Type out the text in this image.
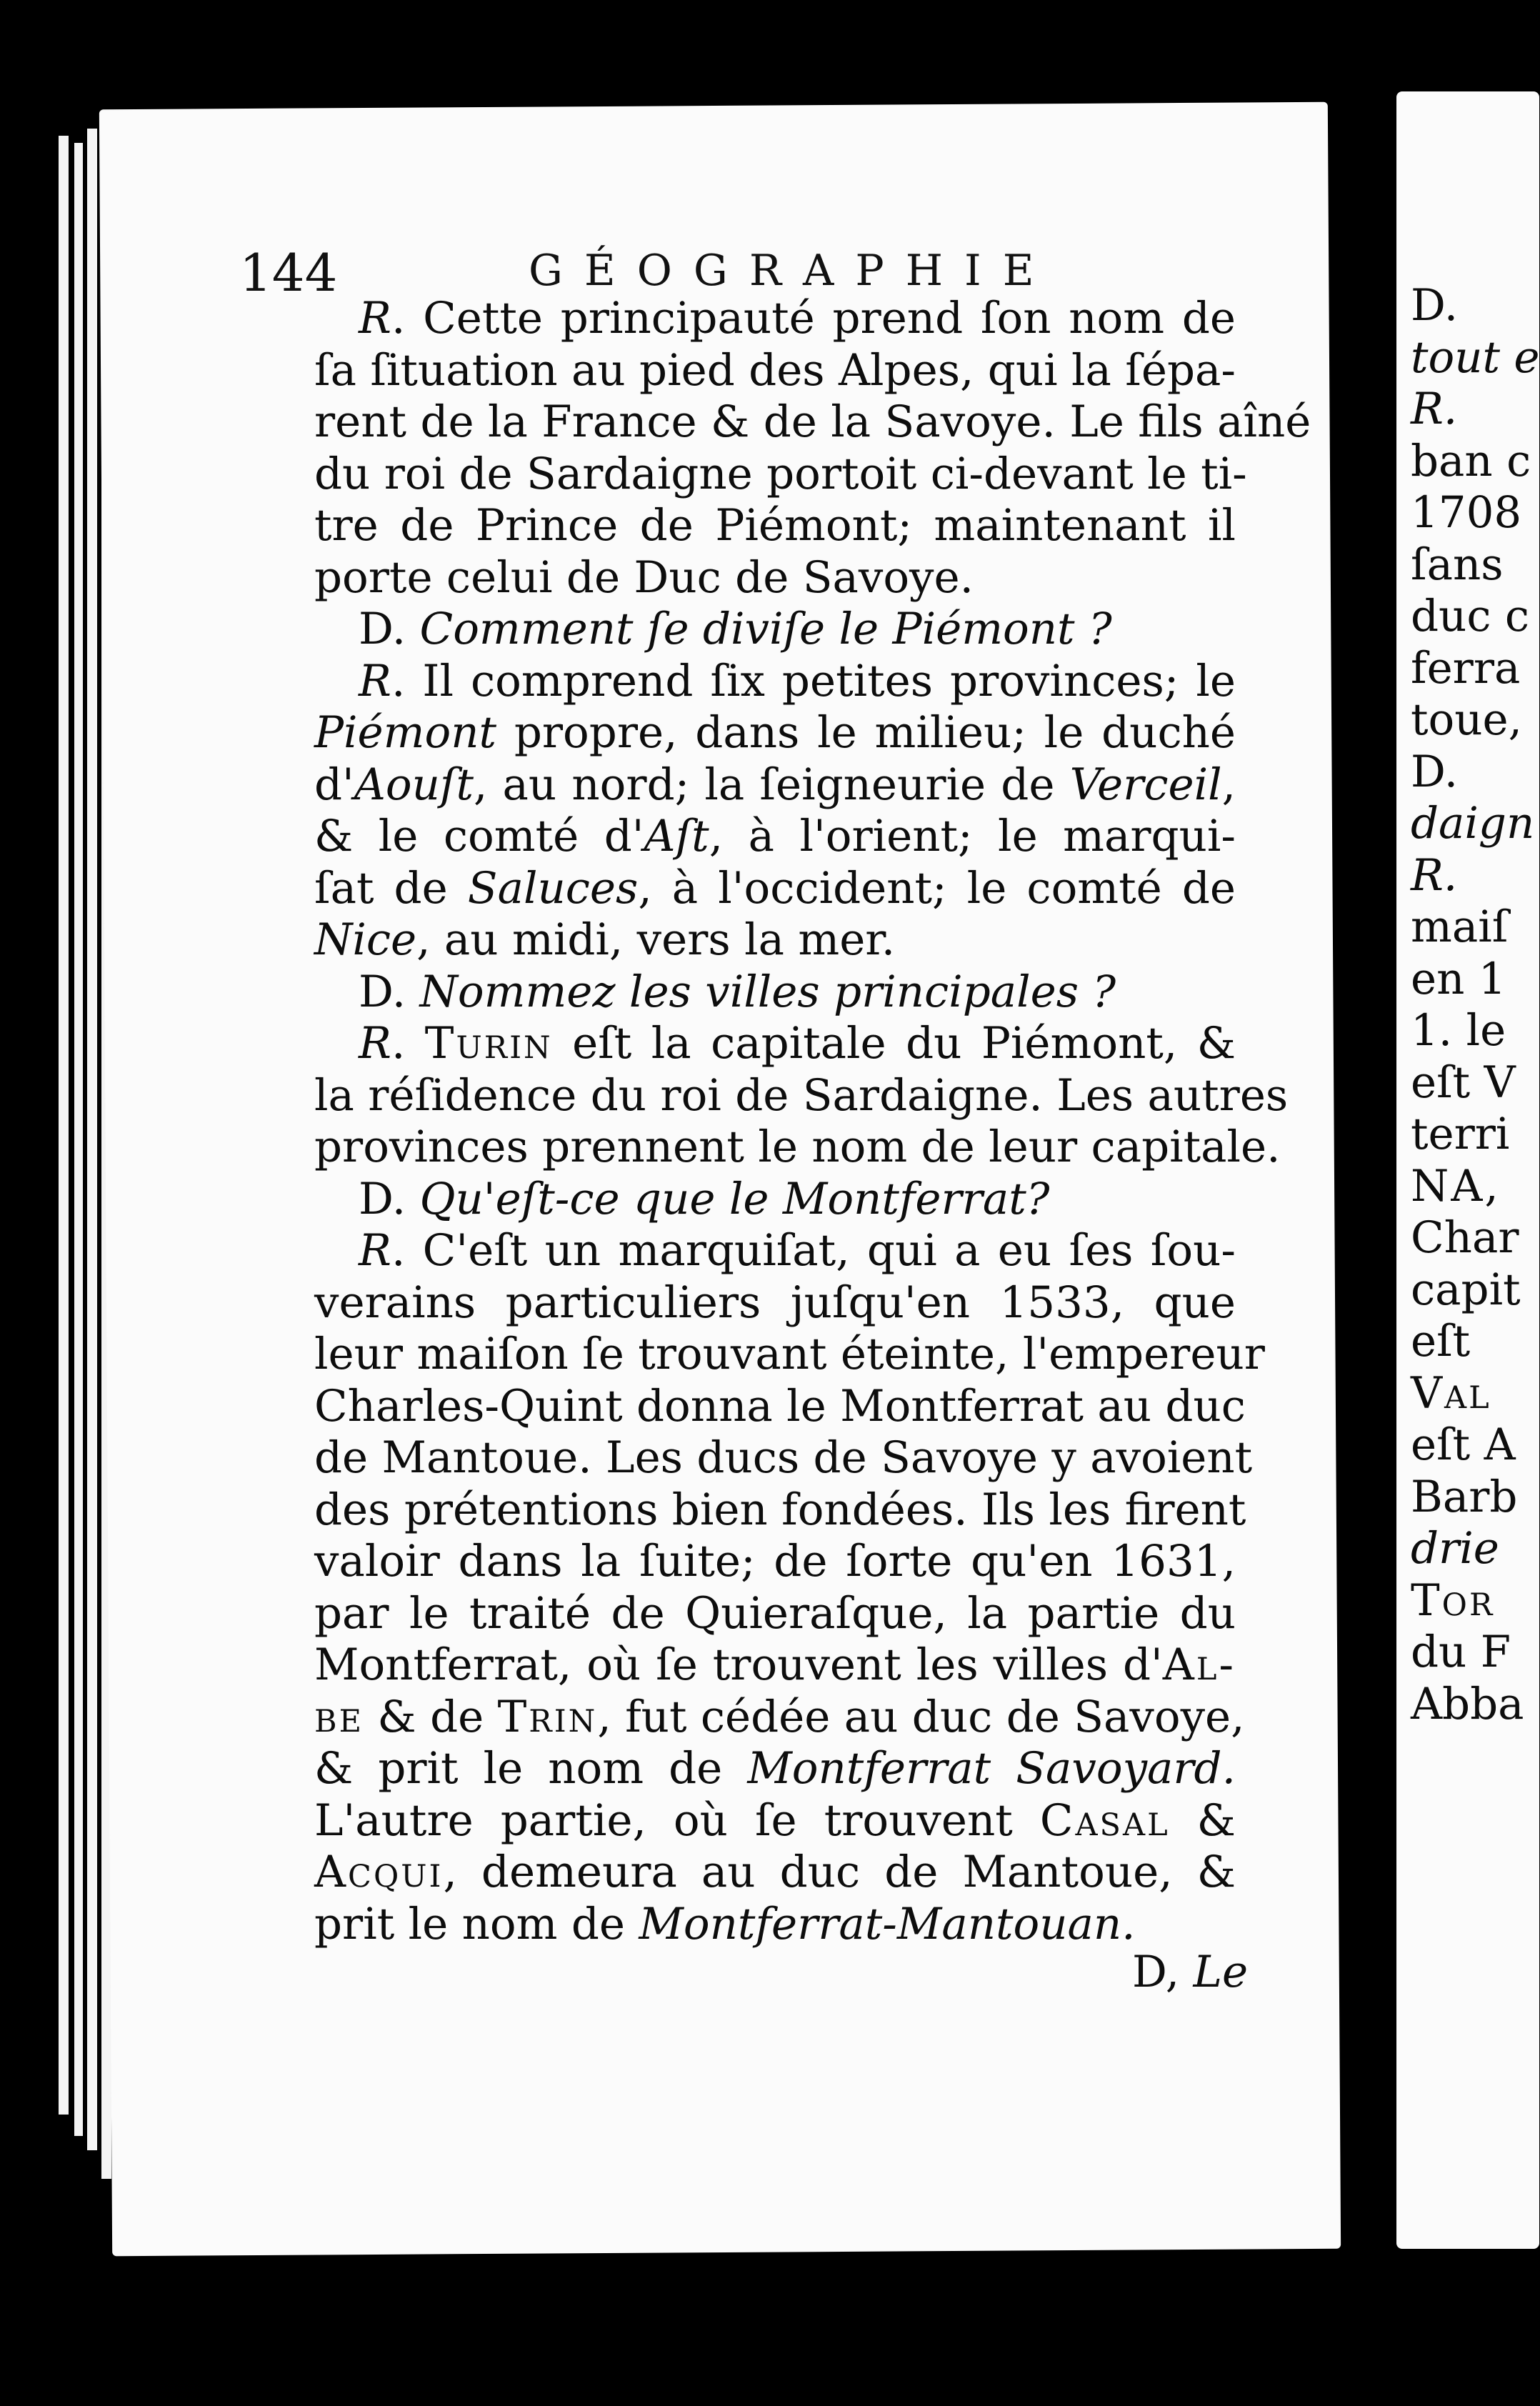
144	GÉOGRAPHIE
R. Cette principauté prend ſon nom de
ſa ſituation au pied des Alpes, qui la ſépa-
rent de la France & de la Savoye. Le fils aîné
du roi de Sardaigne portoit ci-devant le ti-
tre de Prince de Piémont; maintenant il
porte celui de Duc de Savoye.
D. Comment ſe diviſe le Piémont ?
R. Il comprend ſix petites provinces; le
Piémont propre, dans le milieu; le duché
d'Aouſt, au nord; la ſeigneurie de Verceil,
& le comté d'Aſt, à l'orient; le marqui-
ſat de Saluces, à l'occident; le comté de
Nice, au midi, vers la mer.
D. Nommez les villes principales ?
R. Turin eſt la capitale du Piémont, &
la réſidence du roi de Sardaigne. Les autres
provinces prennent le nom de leur capitale.
D. Qu'eſt-ce que le Montferrat?
R. C'eſt un marquiſat, qui a eu ſes ſou-
verains particuliers juſqu'en 1533, que
leur maiſon ſe trouvant éteinte, l'empereur
Charles-Quint donna le Montferrat au duc
de Mantoue. Les ducs de Savoye y avoient
des prétentions bien fondées. Ils les firent
valoir dans la ſuite; de ſorte qu'en 1631,
par le traité de Quieraſque, la partie du
Montferrat, où ſe trouvent les villes d'Al-
be & de Trin, fut cédée au duc de Savoye,
& prit le nom de Montferrat Savoyard.
L'autre partie, où ſe trouvent Casal &
Acqui, demeura au duc de Mantoue, &
prit le nom de Montferrat-Mantouan.
D, Le
D.
tout e
R.
ban c
1708
ſans
duc c
ferra
toue,
D.
daign
R.
maiſ
en 1
1. le
eſt V
terri
NA,
Char
capit
eſt
Val
eſt A
Barb
drie
Tor
du F
Abba
